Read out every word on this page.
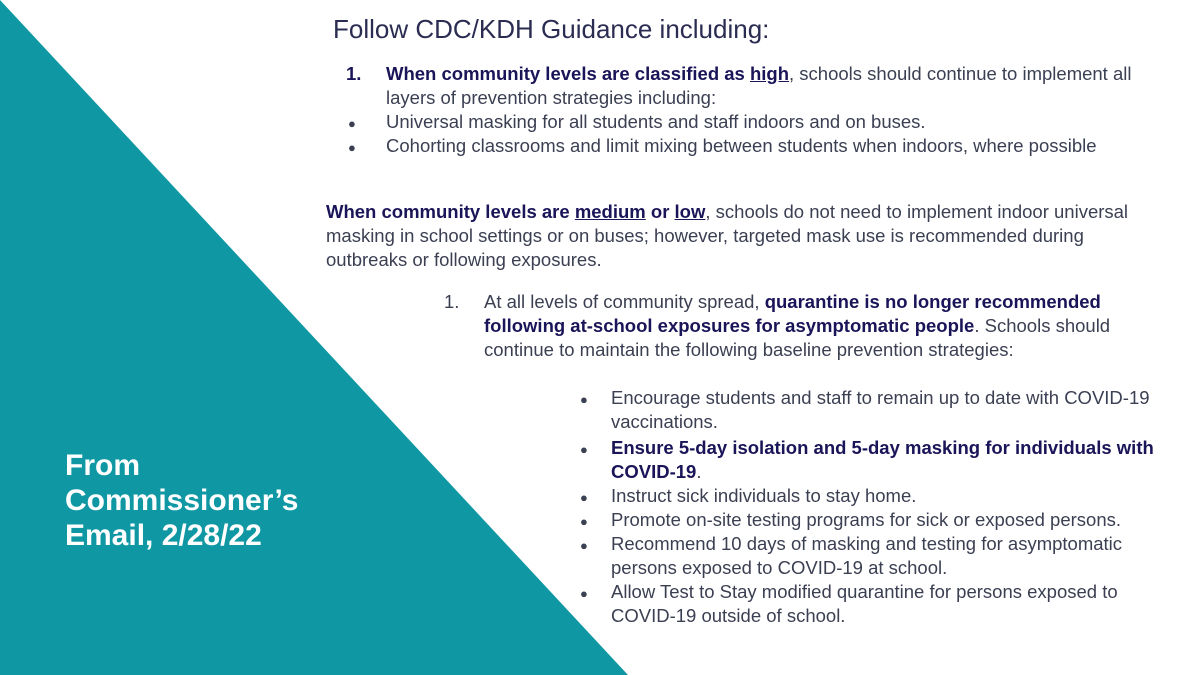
From
Commissioner’s
Email, 2/28/22
Follow CDC/KDH Guidance including:
1. When community levels are classified as high, schools should continue to implement all layers of prevention strategies including:
●
Universal masking for all students and staff indoors and on buses.
●
Cohorting classrooms and limit mixing between students when indoors, where possible
When community levels are medium or low, schools do not need to implement indoor universal masking in school settings or on buses; however, targeted mask use is recommended during outbreaks or following exposures.
1. At all levels of community spread, quarantine is no longer recommended following at-school exposures for asymptomatic people. Schools should continue to maintain the following baseline prevention strategies:
●
Encourage students and staff to remain up to date with COVID-19 vaccinations.
●
Ensure 5-day isolation and 5-day masking for individuals with COVID-19.
●
Instruct sick individuals to stay home.
●
Promote on-site testing programs for sick or exposed persons.
●
Recommend 10 days of masking and testing for asymptomatic persons exposed to COVID-19 at school.
●
Allow Test to Stay modified quarantine for persons exposed to COVID-19 outside of school.
